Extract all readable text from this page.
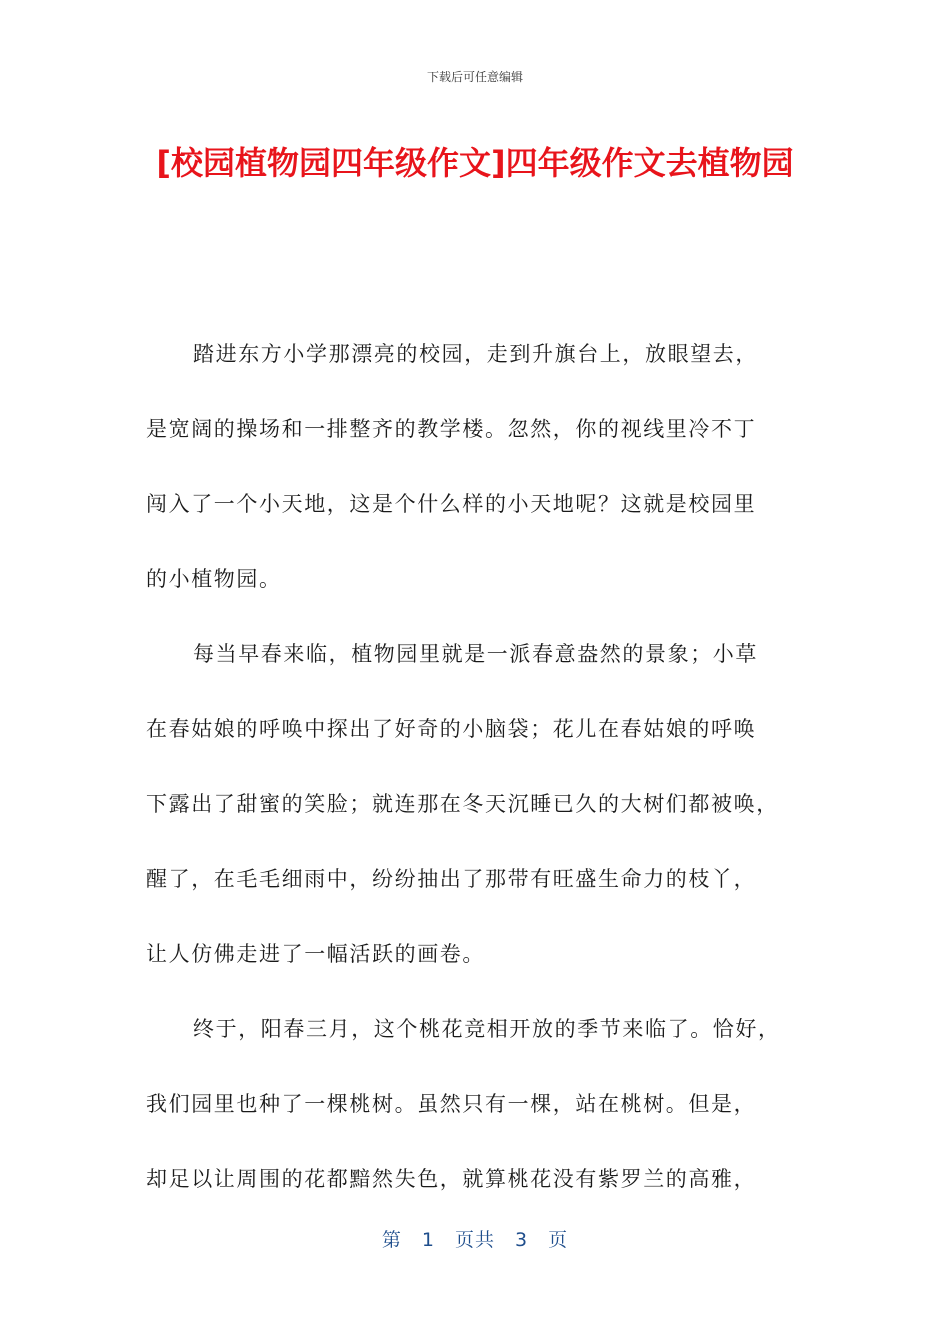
下载后可任意编辑
[校园植物园四年级作文]四年级作文去植物园

踏进东方小学那漂亮的校园，走到升旗台上，放眼望去，
是宽阔的操场和一排整齐的教学楼。忽然，你的视线里冷不丁
闯入了一个小天地，这是个什么样的小天地呢？这就是校园里
的小植物园。

每当早春来临，植物园里就是一派春意盎然的景象；小草
在春姑娘的呼唤中探出了好奇的小脑袋；花儿在春姑娘的呼唤
下露出了甜蜜的笑脸；就连那在冬天沉睡已久的大树们都被唤，
醒了，在毛毛细雨中，纷纷抽出了那带有旺盛生命力的枝丫，
让人仿佛走进了一幅活跃的画卷。

终于，阳春三月，这个桃花竞相开放的季节来临了。恰好，
我们园里也种了一棵桃树。虽然只有一棵，站在桃树。但是，
却足以让周围的花都黯然失色，就算桃花没有紫罗兰的高雅，

第 1 页共 3 页
